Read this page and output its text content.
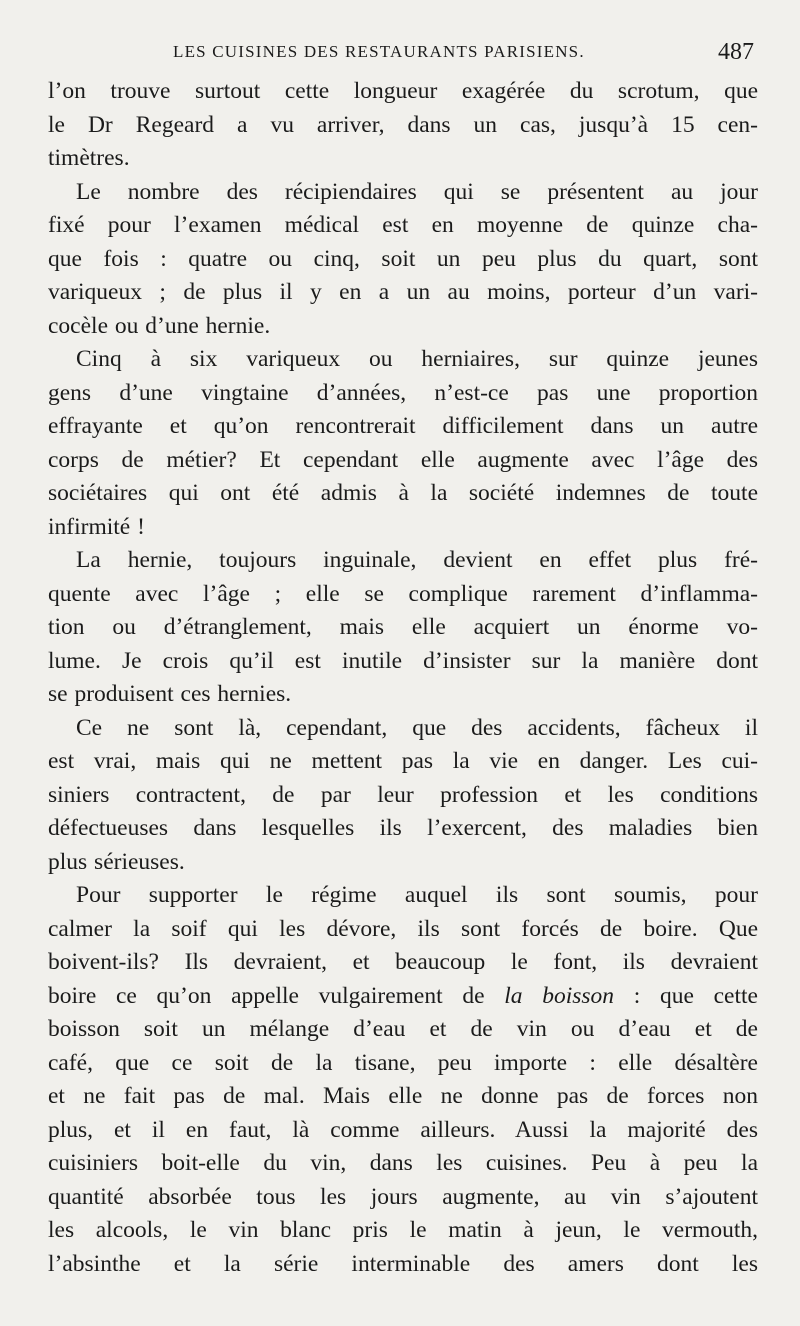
LES CUISINES DES RESTAURANTS PARISIENS.	487
l’on trouve surtout cette longueur exagérée du scrotum, que
le Dr Regeard a vu arriver, dans un cas, jusqu’à 15 cen-
timètres.
Le nombre des récipiendaires qui se présentent au jour
fixé pour l’examen médical est en moyenne de quinze cha-
que fois : quatre ou cinq, soit un peu plus du quart, sont
variqueux ; de plus il y en a un au moins, porteur d’un vari-
cocèle ou d’une hernie.
Cinq à six variqueux ou herniaires, sur quinze jeunes
gens d’une vingtaine d’années, n’est-ce pas une proportion
effrayante et qu’on rencontrerait difficilement dans un autre
corps de métier? Et cependant elle augmente avec l’âge des
sociétaires qui ont été admis à la société indemnes de toute
infirmité !
La hernie, toujours inguinale, devient en effet plus fré-
quente avec l’âge ; elle se complique rarement d’inflamma-
tion ou d’étranglement, mais elle acquiert un énorme vo-
lume. Je crois qu’il est inutile d’insister sur la manière dont
se produisent ces hernies.
Ce ne sont là, cependant, que des accidents, fâcheux il
est vrai, mais qui ne mettent pas la vie en danger. Les cui-
siniers contractent, de par leur profession et les conditions
défectueuses dans lesquelles ils l’exercent, des maladies bien
plus sérieuses.
Pour supporter le régime auquel ils sont soumis, pour
calmer la soif qui les dévore, ils sont forcés de boire. Que
boivent-ils? Ils devraient, et beaucoup le font, ils devraient
boire ce qu’on appelle vulgairement de la boisson : que cette
boisson soit un mélange d’eau et de vin ou d’eau et de
café, que ce soit de la tisane, peu importe : elle désaltère
et ne fait pas de mal. Mais elle ne donne pas de forces non
plus, et il en faut, là comme ailleurs. Aussi la majorité des
cuisiniers boit-elle du vin, dans les cuisines. Peu à peu la
quantité absorbée tous les jours augmente, au vin s’ajoutent
les alcools, le vin blanc pris le matin à jeun, le vermouth,
l’absinthe et la série interminable des amers dont les
